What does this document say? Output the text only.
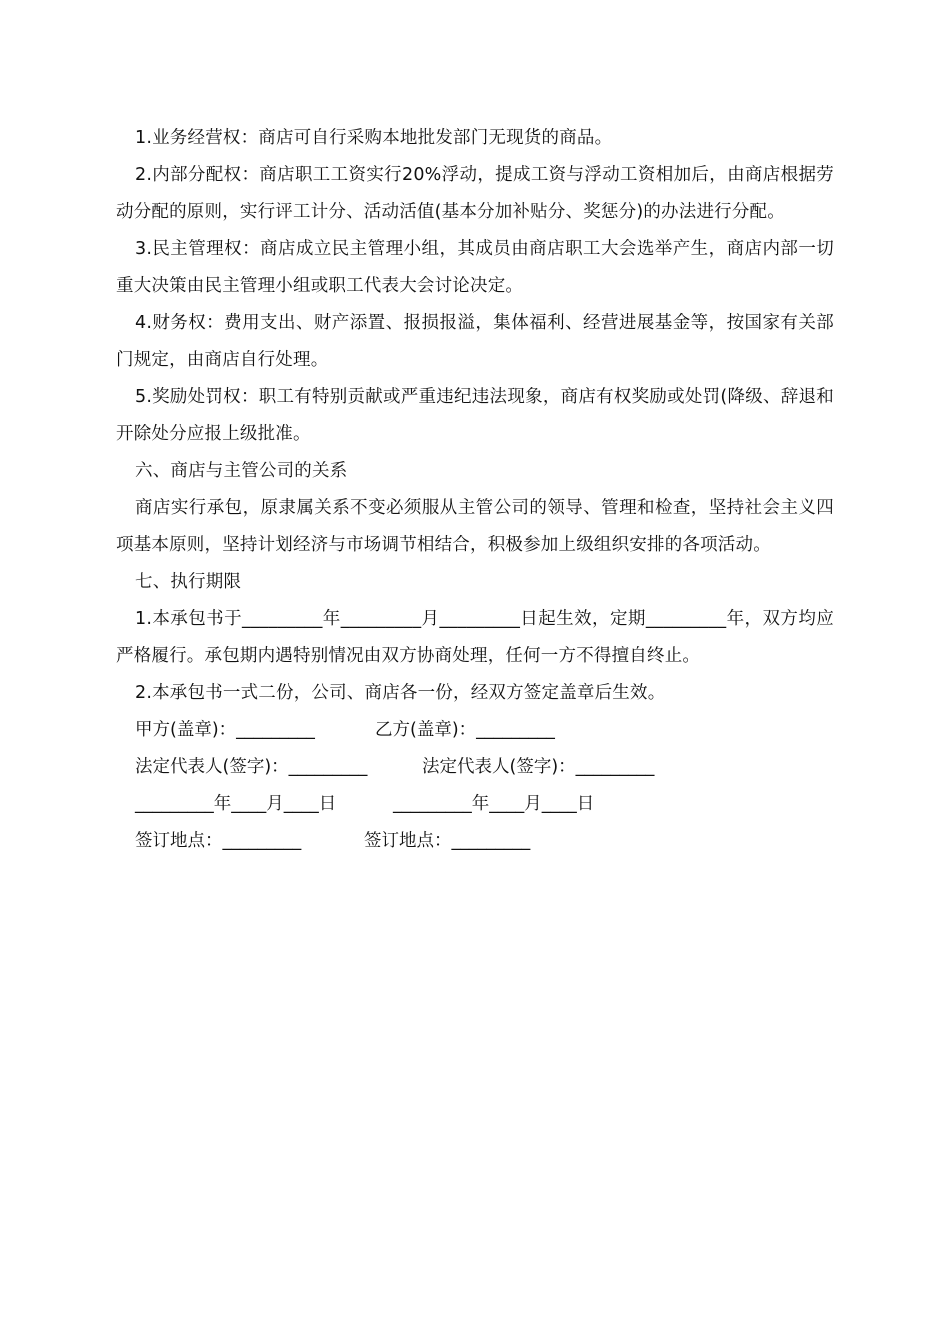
1.业务经营权：商店可自行采购本地批发部门无现货的商品。

2.内部分配权：商店职工工资实行20%浮动，提成工资与浮动工资相加后，由商店根据劳动分配的原则，实行评工计分、活动活值(基本分加补贴分、奖惩分)的办法进行分配。

3.民主管理权：商店成立民主管理小组，其成员由商店职工大会选举产生，商店内部一切重大决策由民主管理小组或职工代表大会讨论决定。

4.财务权：费用支出、财产添置、报损报溢，集体福利、经营进展基金等，按国家有关部门规定，由商店自行处理。

5.奖励处罚权：职工有特别贡献或严重违纪违法现象，商店有权奖励或处罚(降级、辞退和开除处分应报上级批准。

六、商店与主管公司的关系

商店实行承包，原隶属关系不变必须服从主管公司的领导、管理和检查，坚持社会主义四项基本原则，坚持计划经济与市场调节相结合，积极参加上级组织安排的各项活动。

七、执行期限

1.本承包书于_________年_________月_________日起生效，定期_________年，双方均应严格履行。承包期内遇特别情况由双方协商处理，任何一方不得擅自终止。

2.本承包书一式二份，公司、商店各一份，经双方签定盖章后生效。

甲方(盖章)：_________	乙方(盖章)：_________
法定代表人(签字)：_________	法定代表人(签字)：_________
_________年____月____日	_________年____月____日
签订地点：_________	签订地点：_________
